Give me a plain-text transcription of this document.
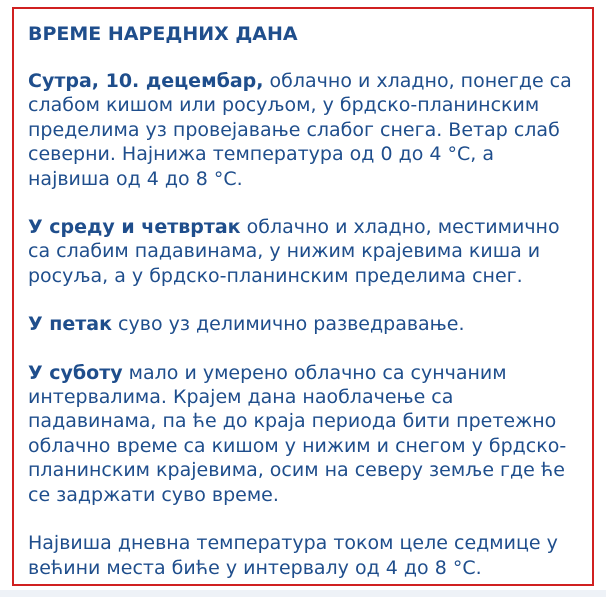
ВРЕМЕ НАРЕДНИХ ДАНА

Сутра, 10. децембар, облачно и хладно, понегде са слабом кишом или росуљом, у брдско-планинским пределима уз провејавање слабог снега. Ветар слаб северни. Најнижа температура од 0 до 4 °C, а највиша од 4 до 8 °C.

У среду и четвртак облачно и хладно, местимично са слабим падавинама, у нижим крајевима киша и росуља, а у брдско-планинским пределима снег.

У петак суво уз делимично разведравање.

У суботу мало и умерено облачно са сунчаним интервалима. Крајем дана наоблачење са падавинама, па ће до краја периода бити претежно облачно време са кишом у нижим и снегом у брдско-планинским крајевима, осим на северу земље где ће се задржати суво време.

Највиша дневна температура током целе седмице у већини места биће у интервалу од 4 до 8 °C.
